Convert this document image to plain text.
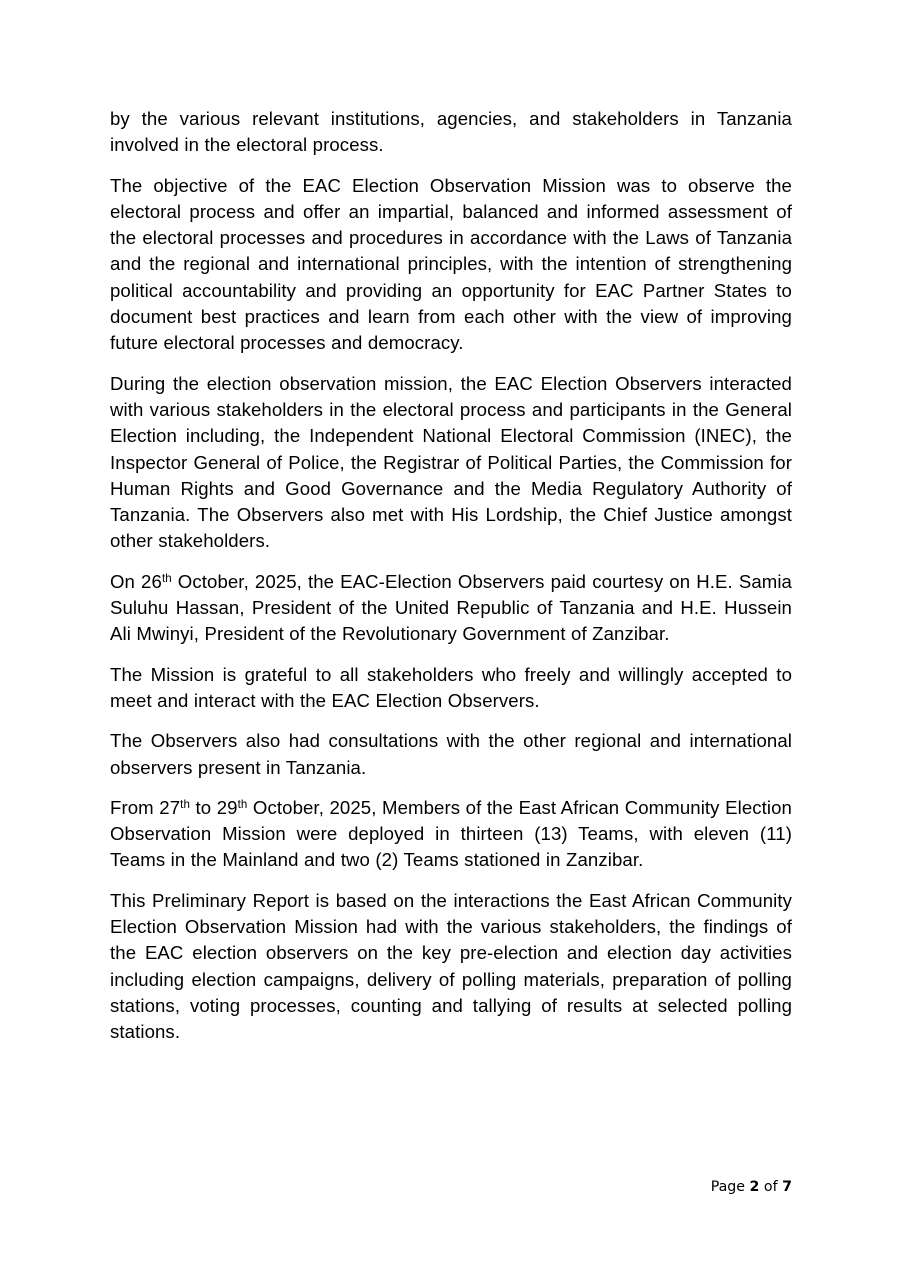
by the various relevant institutions, agencies, and stakeholders in Tanzania involved in the electoral process.

The objective of the EAC Election Observation Mission was to observe the electoral process and offer an impartial, balanced and informed assessment of the electoral processes and procedures in accordance with the Laws of Tanzania and the regional and international principles, with the intention of strengthening political accountability and providing an opportunity for EAC Partner States to document best practices and learn from each other with the view of improving future electoral processes and democracy.

During the election observation mission, the EAC Election Observers interacted with various stakeholders in the electoral process and participants in the General Election including, the Independent National Electoral Commission (INEC), the Inspector General of Police, the Registrar of Political Parties, the Commission for Human Rights and Good Governance and the Media Regulatory Authority of Tanzania. The Observers also met with His Lordship, the Chief Justice amongst other stakeholders.

On 26th October, 2025, the EAC-Election Observers paid courtesy on H.E. Samia Suluhu Hassan, President of the United Republic of Tanzania and H.E. Hussein Ali Mwinyi, President of the Revolutionary Government of Zanzibar.

The Mission is grateful to all stakeholders who freely and willingly accepted to meet and interact with the EAC Election Observers.

The Observers also had consultations with the other regional and international observers present in Tanzania.

From 27th to 29th October, 2025, Members of the East African Community Election Observation Mission were deployed in thirteen (13) Teams, with eleven (11) Teams in the Mainland and two (2) Teams stationed in Zanzibar.

This Preliminary Report is based on the interactions the East African Community Election Observation Mission had with the various stakeholders, the findings of the EAC election observers on the key pre-election and election day activities including election campaigns, delivery of polling materials, preparation of polling stations, voting processes, counting and tallying of results at selected polling stations.

Page 2 of 7
